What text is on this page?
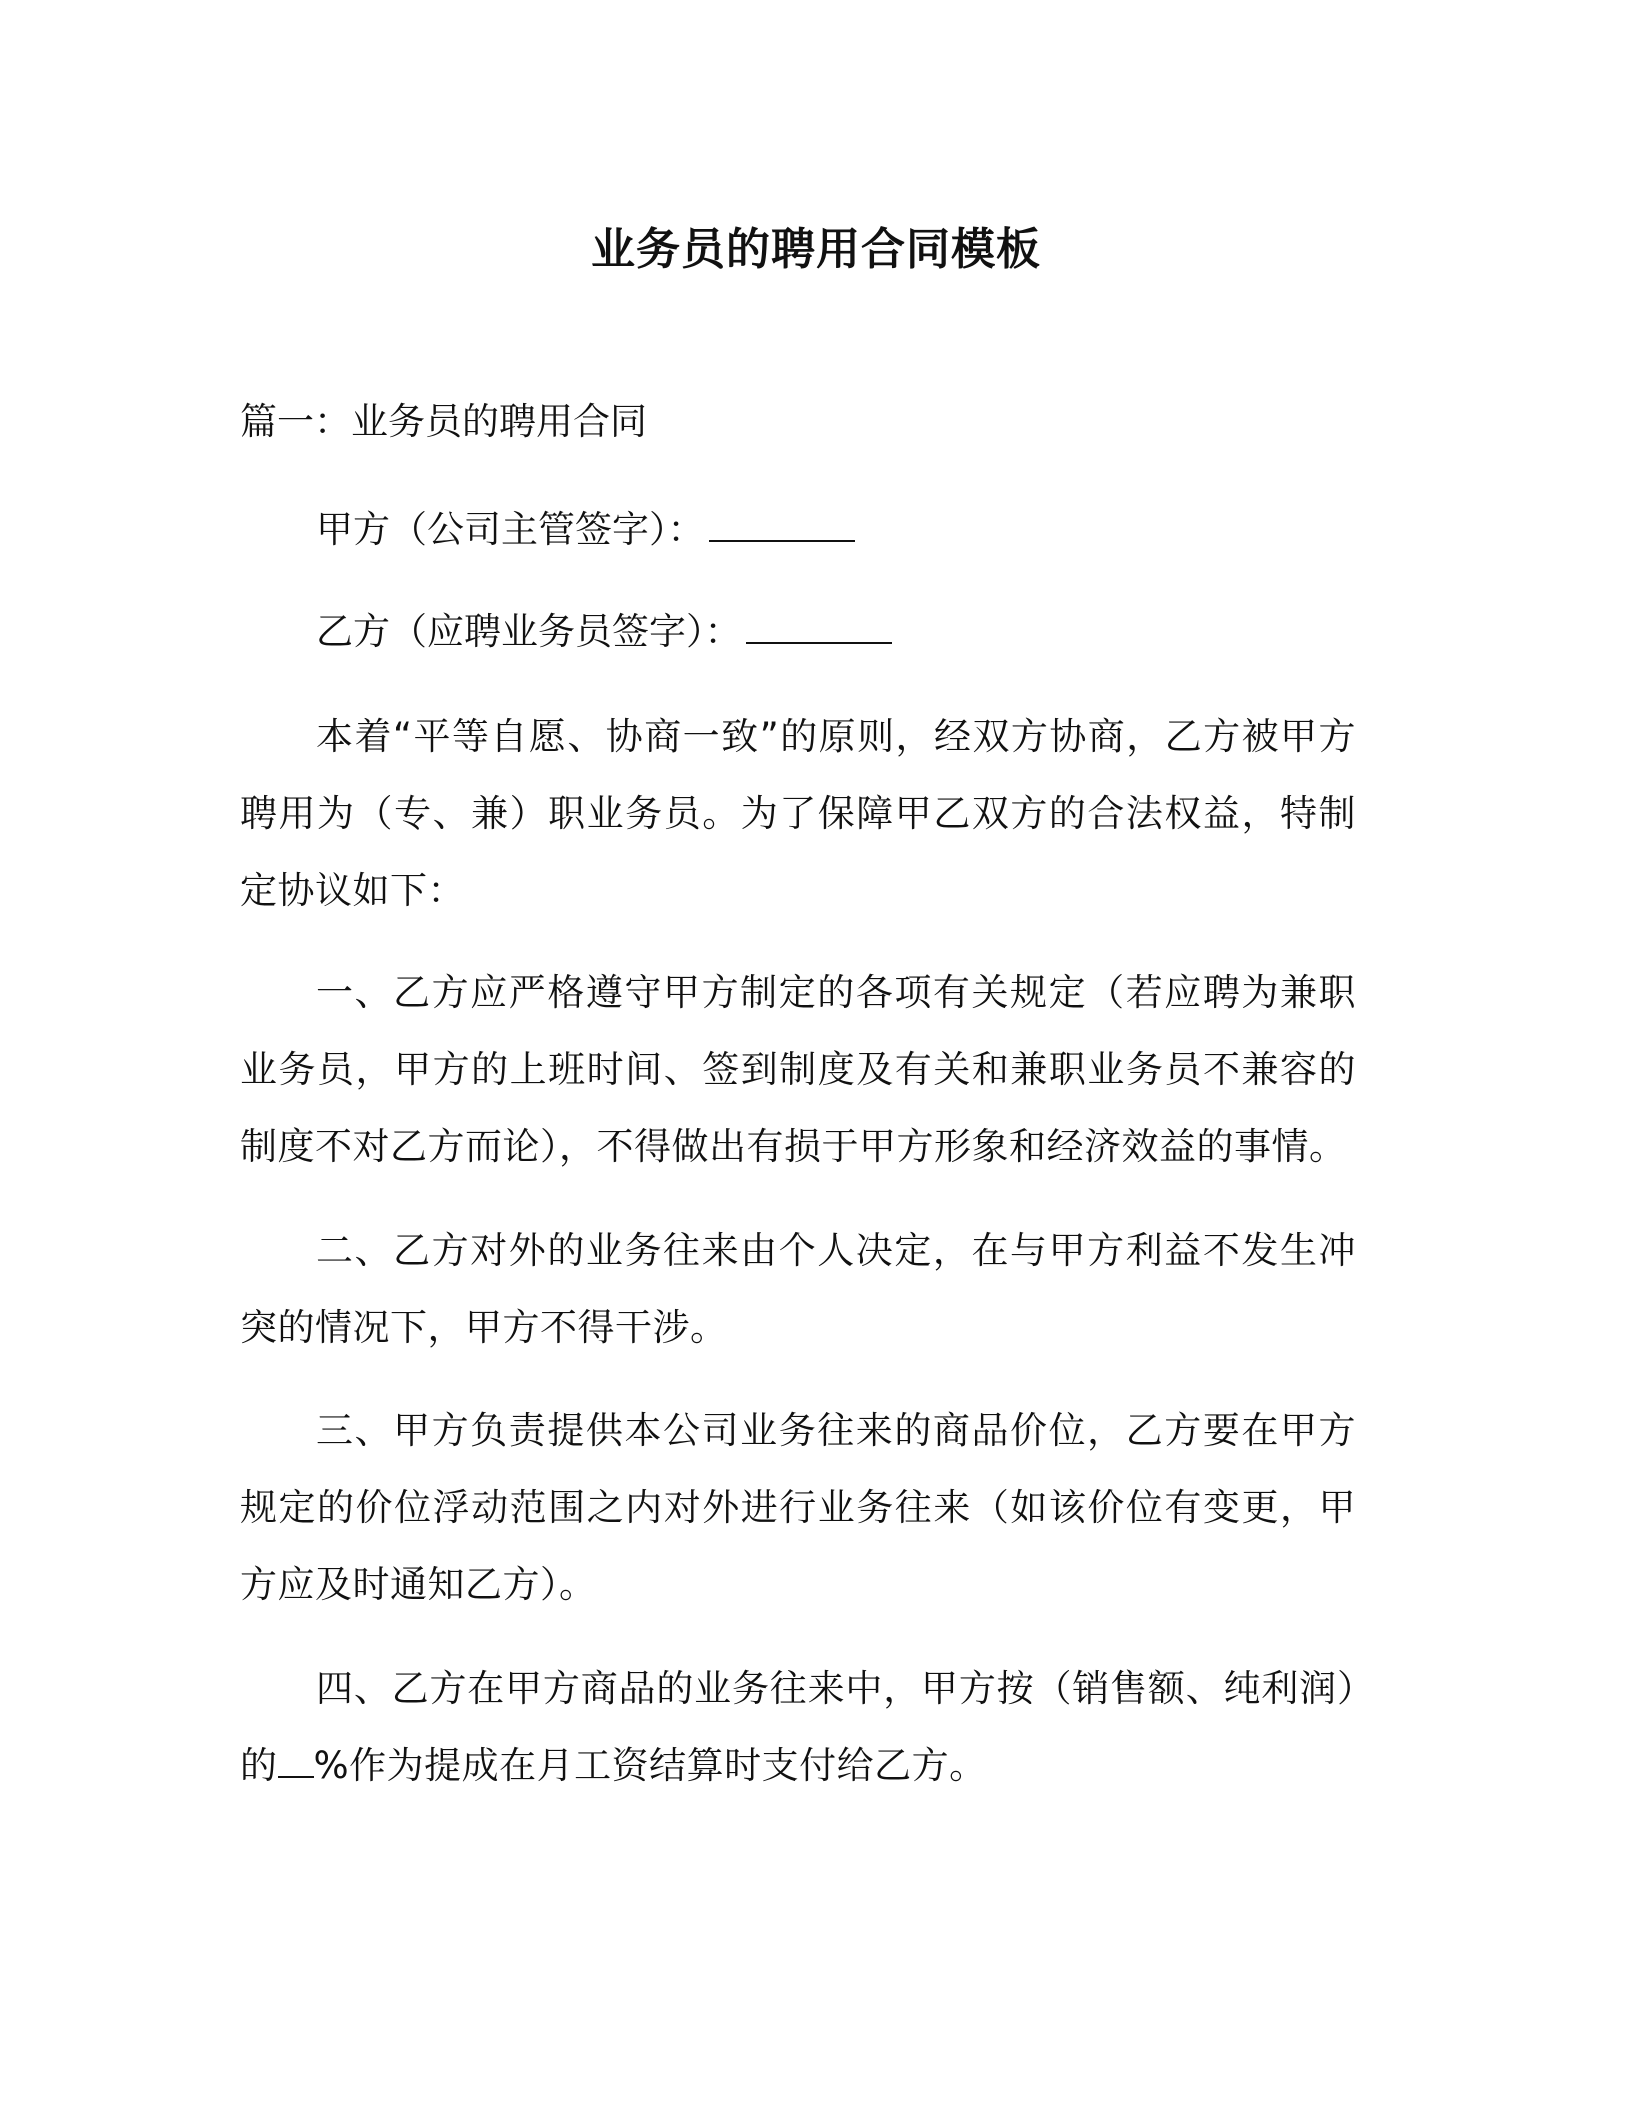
业务员的聘用合同模板
篇一：业务员的聘用合同

甲方（公司主管签字）：

乙方（应聘业务员签字）：

本着“平等自愿、协商一致”的原则，经双方协商，乙方被甲方聘用为（专、兼）职业务员。为了保障甲乙双方的合法权益，特制定协议如下：

一、乙方应严格遵守甲方制定的各项有关规定（若应聘为兼职业务员，甲方的上班时间、签到制度及有关和兼职业务员不兼容的制度不对乙方而论），不得做出有损于甲方形象和经济效益的事情。

二、乙方对外的业务往来由个人决定，在与甲方利益不发生冲突的情况下，甲方不得干涉。

三、甲方负责提供本公司业务往来的商品价位，乙方要在甲方规定的价位浮动范围之内对外进行业务往来（如该价位有变更，甲方应及时通知乙方）。

四、乙方在甲方商品的业务往来中，甲方按（销售额、纯利润）的 %作为提成在月工资结算时支付给乙方。
